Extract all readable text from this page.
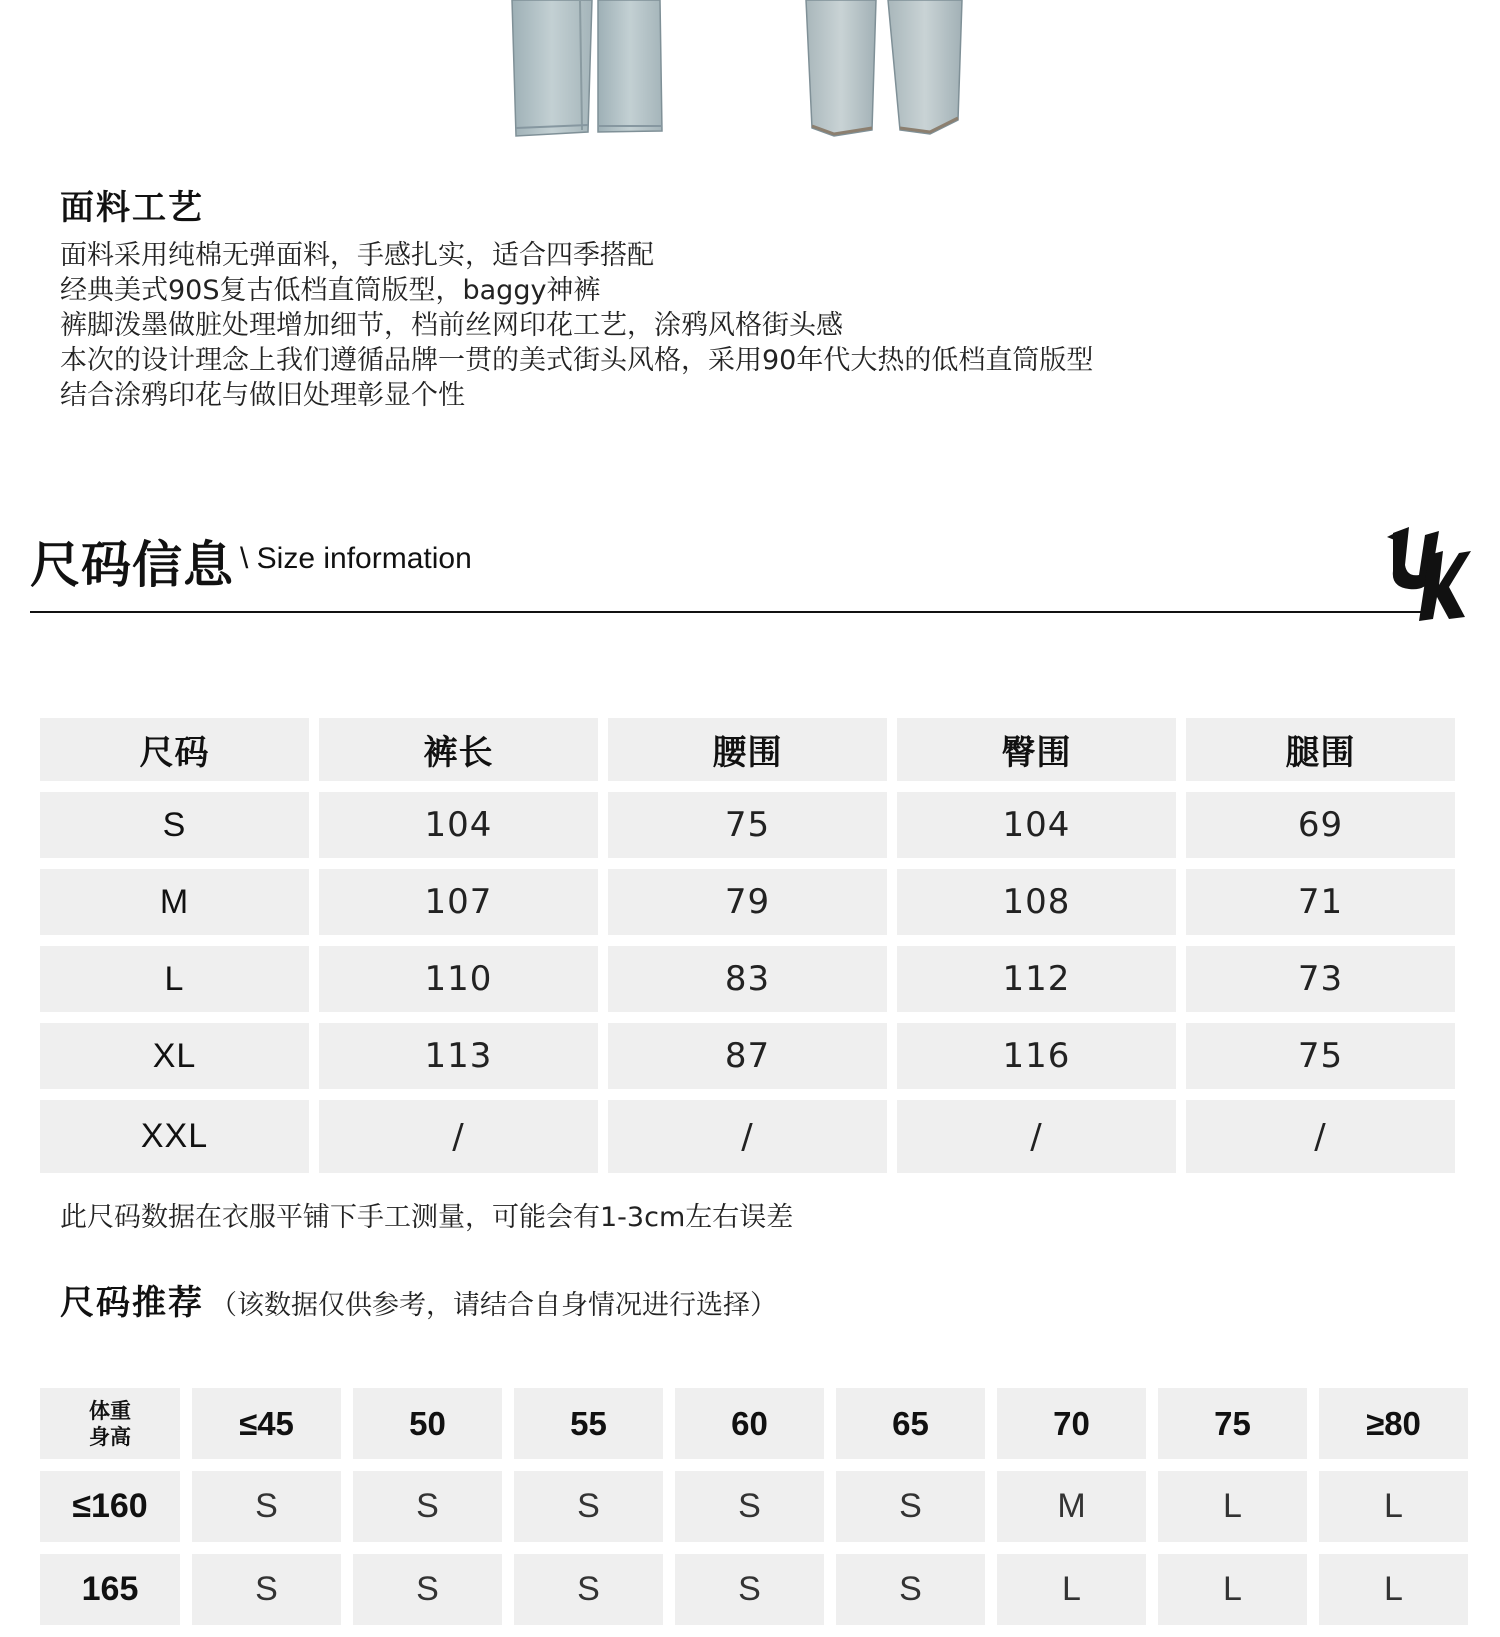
面料工艺
面料采用纯棉无弹面料，手感扎实，适合四季搭配
经典美式90S复古低档直筒版型，baggy神裤
裤脚泼墨做脏处理增加细节，档前丝网印花工艺，涂鸦风格街头感
本次的设计理念上我们遵循品牌一贯的美式街头风格，采用90年代大热的低档直筒版型
结合涂鸦印花与做旧处理彰显个性
尺码信息 \ Size information
尺码	裤长	腰围	臀围	腿围
S	104	75	104	69
M	107	79	108	71
L	110	83	112	73
XL	113	87	116	75
XXL	/	/	/	/
此尺码数据在衣服平铺下手工测量，可能会有1-3cm左右误差
尺码推荐 （该数据仅供参考，请结合自身情况进行选择）
体重
身高	≤45	50	55	60	65	70	75	≥80
≤160	S	S	S	S	S	M	L	L
165	S	S	S	S	S	L	L	L
